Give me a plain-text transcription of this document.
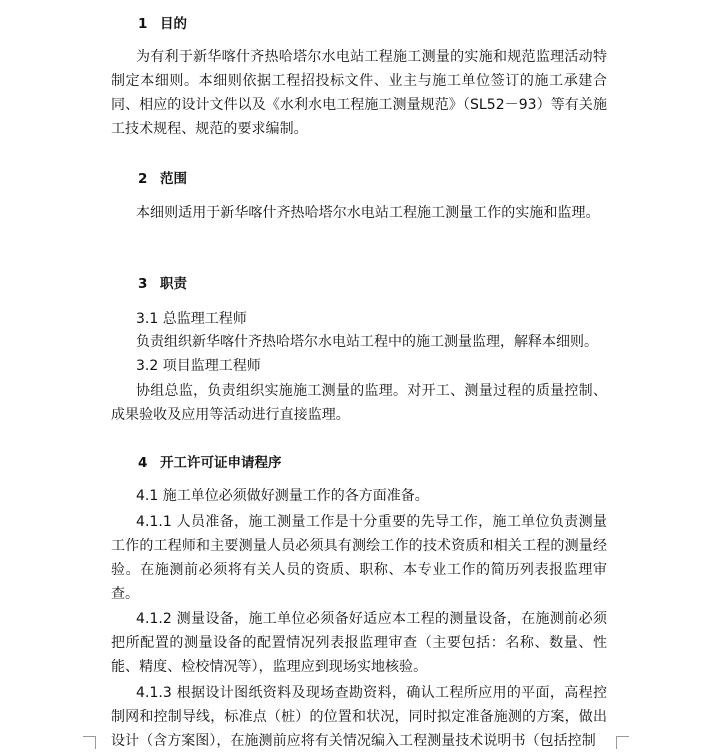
1 目的

为有利于新华喀什齐热哈塔尔水电站工程施工测量的实施和规范监理活动特制定本细则。本细则依据工程招投标文件、业主与施工单位签订的施工承建合同、相应的设计文件以及《水利水电工程施工测量规范》（SL52－93）等有关施工技术规程、规范的要求编制。

2 范围

本细则适用于新华喀什齐热哈塔尔水电站工程施工测量工作的实施和监理。

3 职责

3.1 总监理工程师

负责组织新华喀什齐热哈塔尔水电站工程中的施工测量监理，解释本细则。

3.2 项目监理工程师

协组总监，负责组织实施施工测量的监理。对开工、测量过程的质量控制、成果验收及应用等活动进行直接监理。

4 开工许可证申请程序

4.1 施工单位必须做好测量工作的各方面准备。

4.1.1 人员准备，施工测量工作是十分重要的先导工作，施工单位负责测量工作的工程师和主要测量人员必须具有测绘工作的技术资质和相关工程的测量经验。在施测前必须将有关人员的资质、职称、本专业工作的简历列表报监理审查。

4.1.2 测量设备，施工单位必须备好适应本工程的测量设备，在施测前必须把所配置的测量设备的配置情况列表报监理审查（主要包括：名称、数量、性能、精度、检校情况等），监理应到现场实地核验。

4.1.3 根据设计图纸资料及现场查勘资料，确认工程所应用的平面，高程控制网和控制导线，标准点（桩）的位置和状况，同时拟定准备施测的方案，做出设计（含方案图），在施测前应将有关情况编入工程测量技术说明书（包括控制
